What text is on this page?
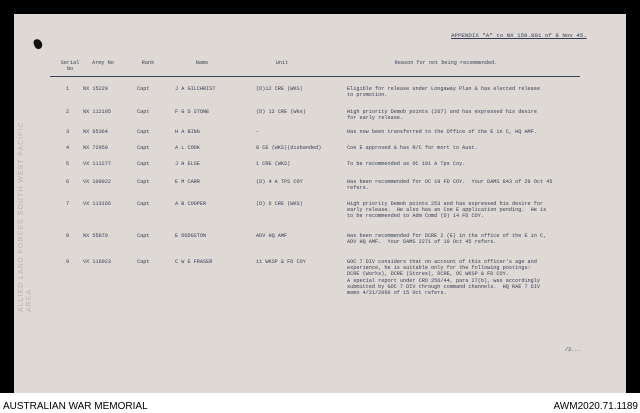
ALLIED LAND FORCES SOUTH WEST PACIFIC AREA
APPENDIX "A" to NX 159.891 of 8 Nov 45.
Serial No
Army No	Rank	Name	Unit	Reason for not being recommended.
1	NX 15229	Capt	J A GILCHRIST	(D)12 CRE (WKS)	Eligible for release under Longaway Plan & has elected release
to promotion.
2	NX 112105	Capt	F G D STONE	(D) 12 CRE (Wks)	High priority Demob points (267) and has expressed his desire
for early release.
3	NX 65364	Capt	H A BING	-	Has now been transferred to the Office of the E in C, HQ AMF.
4	NX 72950	Capt	A L COOK	8 CE (WKS)(disbanded)	Coe E approved & has R/C for mort to Aust.
5	VX 111277	Capt	J H ELSE	1 CRE (WKS)	To be recommended as OC 101 A Tps Coy.
6	VX 109022	Capt	E M CARR	(D) 4 A TPS COY	Has been recommended for OC 19 FD COY.  Your DAMS 843 of 29 Oct 45
refers.
7	VX 113166	Capt	A B COOPER	(D) 6 CRE (WKS)	High priority Demob points 253 and has expressed his desire for
early release.  He also has an Coe E application pending.  He is
to be recommended to Adm Comd (D) 14 FD COY.
8	NX 55870	Capt	E DODGSTON	ADV HQ AMF	Has been recommended for DCRE 2 (E) in the office of the E in C,
ADV HQ AMF.  Your DAMS 2271 of 19 Oct 45 refers.
9	VX 116023	Capt	C W E FRASER	11 WKSP & FD COY	GOC 7 DIV considers that on account of this officer's age and
experience, he is suitable only for the following postings:
DCRE (Works), DCRE (Stores), DCRE, OC WKSP & FD COY.
A special report under CRO 256/44, para 27(b), was accordingly
submitted by GOC 7 DIV through command channels.  HQ RAE 7 DIV
memo 4/21/2060 of 15 Oct refers.
/2...
AUSTRALIAN WAR MEMORIAL	AWM2020.71.1189
